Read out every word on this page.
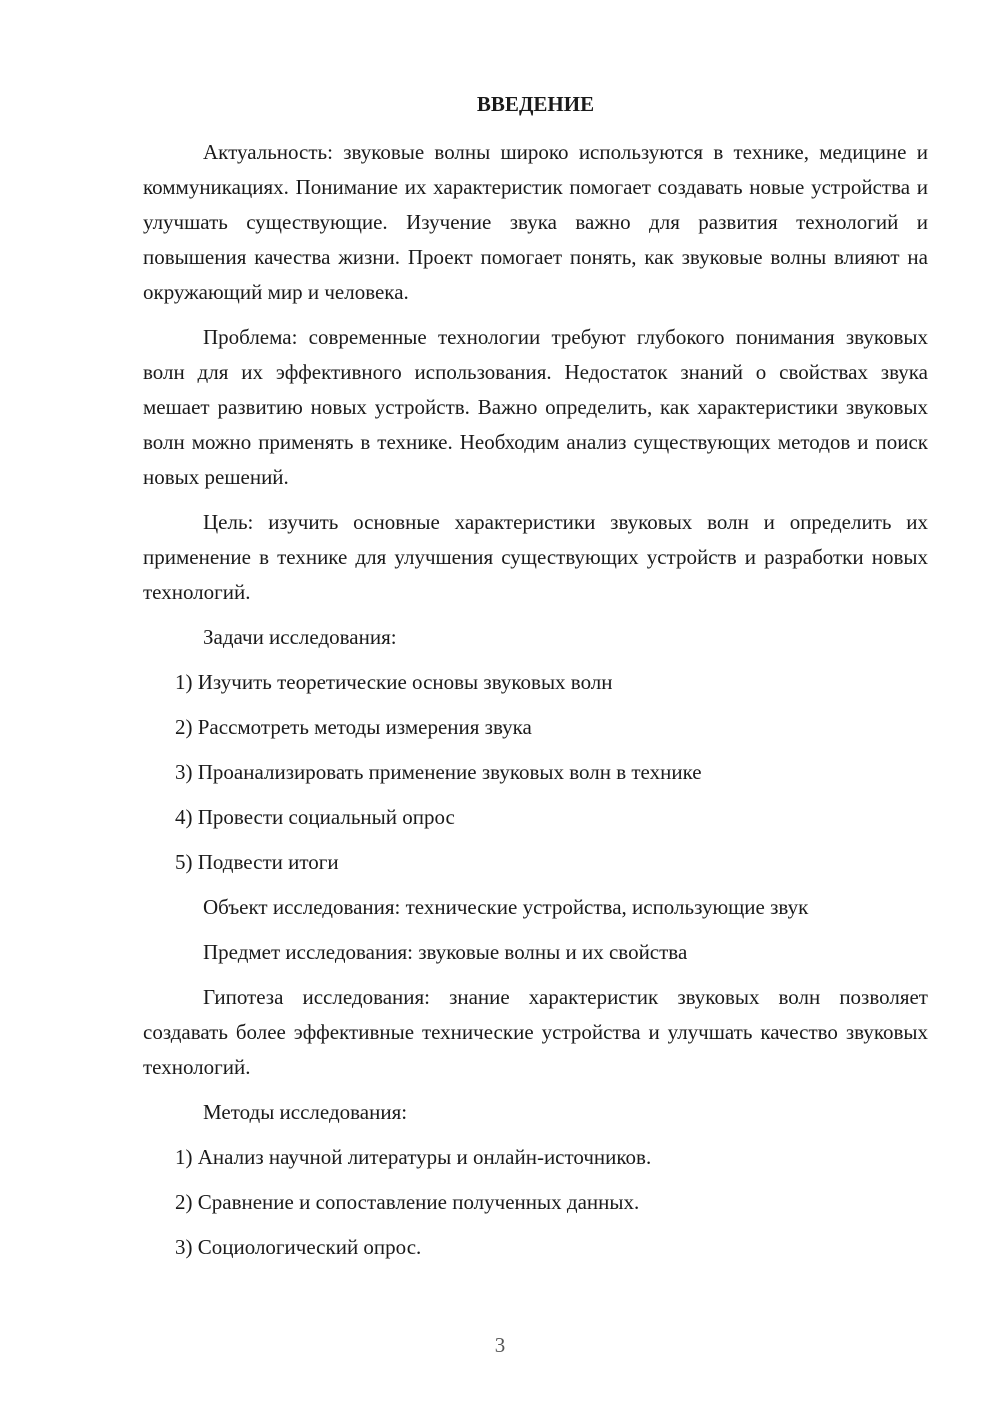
ВВЕДЕНИЕ

Актуальность: звуковые волны широко используются в технике, медицине и коммуникациях. Понимание их характеристик помогает создавать новые устройства и улучшать существующие. Изучение звука важно для развития технологий и повышения качества жизни. Проект помогает понять, как звуковые волны влияют на окружающий мир и человека.

Проблема: современные технологии требуют глубокого понимания звуковых волн для их эффективного использования. Недостаток знаний о свойствах звука мешает развитию новых устройств. Важно определить, как характеристики звуковых волн можно применять в технике. Необходим анализ существующих методов и поиск новых решений.

Цель: изучить основные характеристики звуковых волн и определить их применение в технике для улучшения существующих устройств и разработки новых технологий.

Задачи исследования:

1) Изучить теоретические основы звуковых волн
2) Рассмотреть методы измерения звука
3) Проанализировать применение звуковых волн в технике
4) Провести социальный опрос
5) Подвести итоги

Объект исследования: технические устройства, использующие звук

Предмет исследования: звуковые волны и их свойства

Гипотеза исследования: знание характеристик звуковых волн позволяет создавать более эффективные технические устройства и улучшать качество звуковых технологий.

Методы исследования:

1) Анализ научной литературы и онлайн-источников.
2) Сравнение и сопоставление полученных данных.
3) Социологический опрос.
3
